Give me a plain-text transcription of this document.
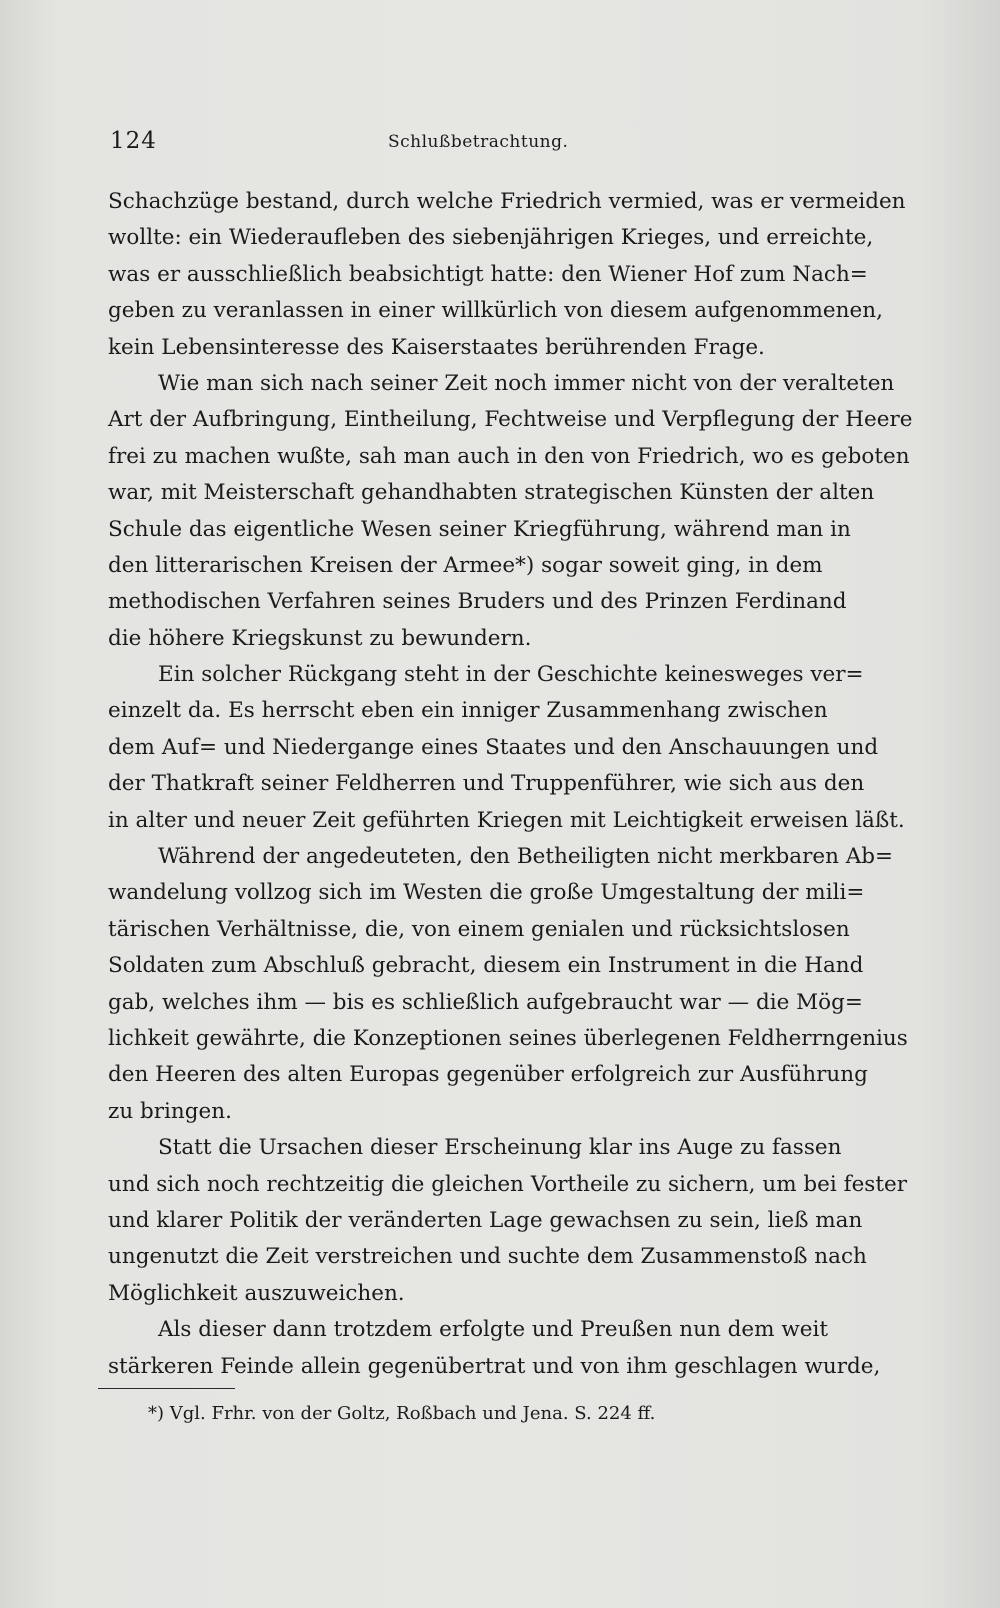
124	Schlußbetrachtung.
Schachzüge bestand, durch welche Friedrich vermied, was er vermeiden
wollte: ein Wiederaufleben des siebenjährigen Krieges, und erreichte,
was er ausschließlich beabsichtigt hatte: den Wiener Hof zum Nach=
geben zu veranlassen in einer willkürlich von diesem aufgenommenen,
kein Lebensinteresse des Kaiserstaates berührenden Frage.
Wie man sich nach seiner Zeit noch immer nicht von der veralteten
Art der Aufbringung, Eintheilung, Fechtweise und Verpflegung der Heere
frei zu machen wußte, sah man auch in den von Friedrich, wo es geboten
war, mit Meisterschaft gehandhabten strategischen Künsten der alten
Schule das eigentliche Wesen seiner Kriegführung, während man in
den litterarischen Kreisen der Armee*) sogar soweit ging, in dem
methodischen Verfahren seines Bruders und des Prinzen Ferdinand
die höhere Kriegskunst zu bewundern.
Ein solcher Rückgang steht in der Geschichte keinesweges ver=
einzelt da. Es herrscht eben ein inniger Zusammenhang zwischen
dem Auf= und Niedergange eines Staates und den Anschauungen und
der Thatkraft seiner Feldherren und Truppenführer, wie sich aus den
in alter und neuer Zeit geführten Kriegen mit Leichtigkeit erweisen läßt.
Während der angedeuteten, den Betheiligten nicht merkbaren Ab=
wandelung vollzog sich im Westen die große Umgestaltung der mili=
tärischen Verhältnisse, die, von einem genialen und rücksichtslosen
Soldaten zum Abschluß gebracht, diesem ein Instrument in die Hand
gab, welches ihm — bis es schließlich aufgebraucht war — die Mög=
lichkeit gewährte, die Konzeptionen seines überlegenen Feldherrngenius
den Heeren des alten Europas gegenüber erfolgreich zur Ausführung
zu bringen.
Statt die Ursachen dieser Erscheinung klar ins Auge zu fassen
und sich noch rechtzeitig die gleichen Vortheile zu sichern, um bei fester
und klarer Politik der veränderten Lage gewachsen zu sein, ließ man
ungenutzt die Zeit verstreichen und suchte dem Zusammenstoß nach
Möglichkeit auszuweichen.
Als dieser dann trotzdem erfolgte und Preußen nun dem weit
stärkeren Feinde allein gegenübertrat und von ihm geschlagen wurde,
*) Vgl. Frhr. von der Goltz, Roßbach und Jena. S. 224 ff.
